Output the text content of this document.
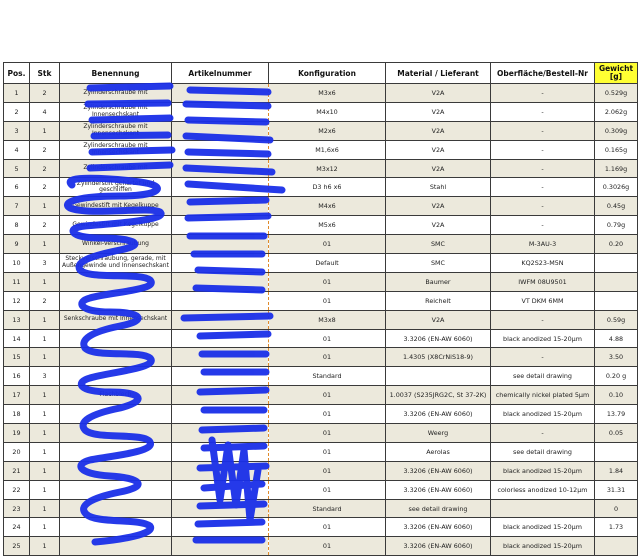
Pos.	Stk	Benennung	Artikelnummer	Konfiguration	Material / Lieferant	Oberfläche/Bestell-Nr	Gewicht [g]
1	2	Zylinderschraube mit		M3x6	V2A	-	0.529g
2	4	Zylinderschraube mit Innensechskant		M4x10	V2A	-	2.062g
3	1	Zylinderschraube mit Innensechskant		M2x6	V2A	-	0.309g
4	2	Zylinderschraube mit Innensechskant		M1,6x6	V2A	-	0.165g
5	2	Zylinderschraube mit		M3x12	V2A	-	1.169g
6	2	Zylinderstift gehärtet und geschliffen		D3 h6 x6	Stahl	-	0.3026g
7	1	Gewindestift mit Kegelkuppe		M4x6	V2A	-	0.45g
8	2	Gewindestift mit Kegelkuppe		M5x6	V2A	-	0.79g
9	1	Winkel-Verschraubung		01	SMC	M-3AU-3	0.20
10	3	Steckverschraubung, gerade, mit Außengewinde und Innensechskant		Default	SMC	KQ2S23-M5N	
11	1			01	Baumer	IWFM 08U9501	
12	2			01	Reichelt	VT DKM 6MM	
13	1	Senkschraube mit Innensechskant		M3x8	V2A	-	0.59g
14	1			01	3.3206 (EN-AW 6060)	black anodized 15-20µm	4.88
15	1			01	1.4305 (X8CrNiS18-9)	-	3.50
16	3			Standard		see detail drawing	0.20 g
17	1	Flachblech		01	1.0037 (S235JRG2C, St 37-2K)	chemically nickel plated 5µm	0.10
18	1			01	3.3206 (EN-AW 6060)	black anodized 15-20µm	13.79
19	1			01	Weerg	-	0.05
20	1			01	Aerolas	see detail drawing	
21	1			01	3.3206 (EN-AW 6060)	black anodized 15-20µm	1.84
22	1			01	3.3206 (EN-AW 6060)	colorless anodized 10-12µm	31.31
23	1			Standard	see detail drawing		0
24	1			01	3.3206 (EN-AW 6060)	black anodized 15-20µm	1.73
25	1			01	3.3206 (EN-AW 6060)	black anodized 15-20µm	
